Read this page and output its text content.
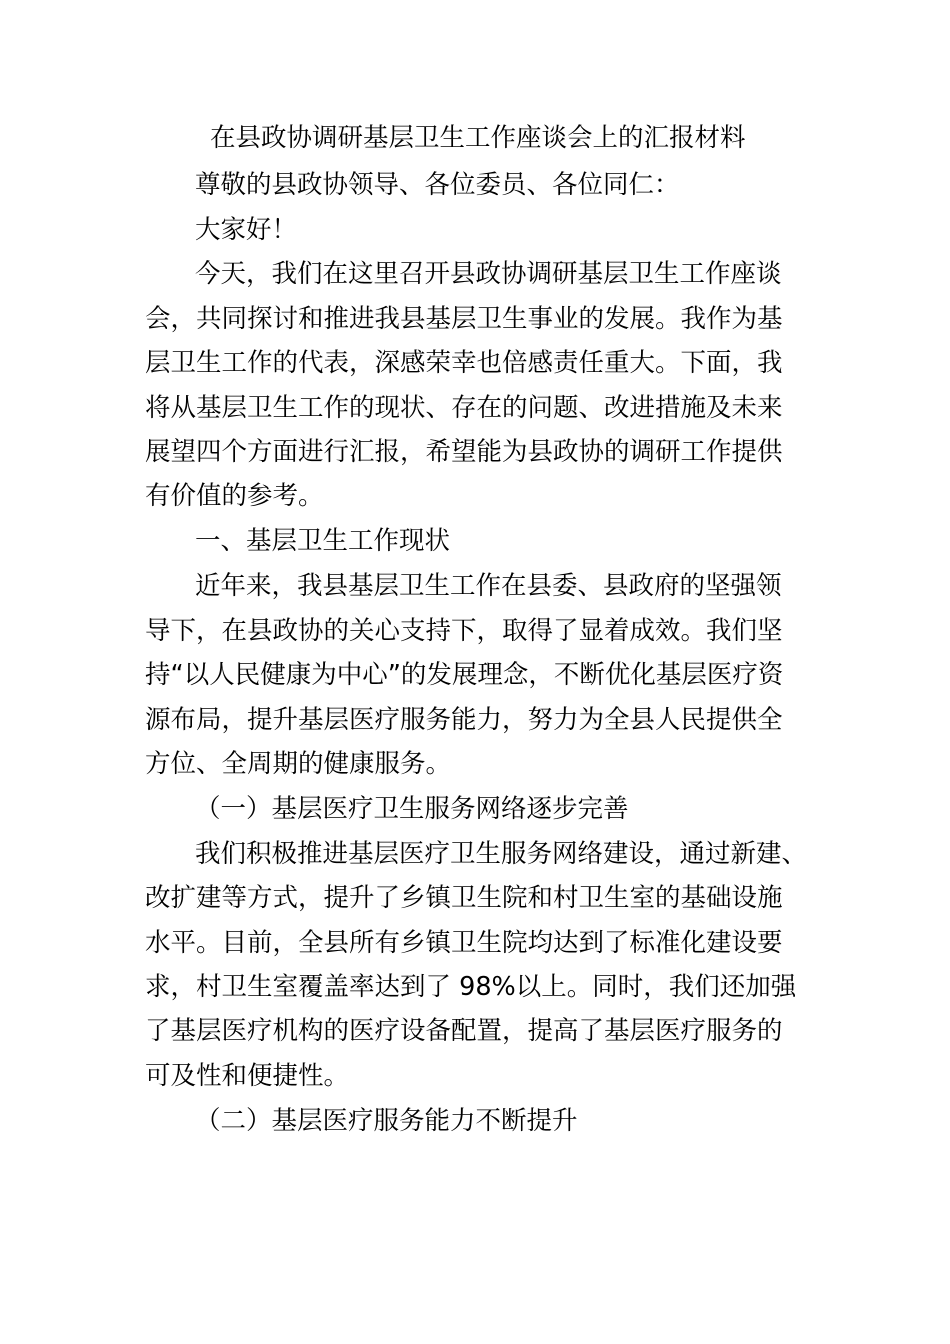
在县政协调研基层卫生工作座谈会上的汇报材料

尊敬的县政协领导、各位委员、各位同仁：

大家好！

今天，我们在这里召开县政协调研基层卫生工作座谈

会，共同探讨和推进我县基层卫生事业的发展。我作为基

层卫生工作的代表，深感荣幸也倍感责任重大。下面，我

将从基层卫生工作的现状、存在的问题、改进措施及未来

展望四个方面进行汇报，希望能为县政协的调研工作提供

有价值的参考。

一、基层卫生工作现状

近年来，我县基层卫生工作在县委、县政府的坚强领

导下，在县政协的关心支持下，取得了显着成效。我们坚

持“以人民健康为中心”的发展理念，不断优化基层医疗资

源布局，提升基层医疗服务能力，努力为全县人民提供全

方位、全周期的健康服务。

（一）基层医疗卫生服务网络逐步完善

我们积极推进基层医疗卫生服务网络建设，通过新建、

改扩建等方式，提升了乡镇卫生院和村卫生室的基础设施

水平。目前，全县所有乡镇卫生院均达到了标准化建设要

求，村卫生室覆盖率达到了 98%以上。同时，我们还加强

了基层医疗机构的医疗设备配置，提高了基层医疗服务的

可及性和便捷性。

（二）基层医疗服务能力不断提升
